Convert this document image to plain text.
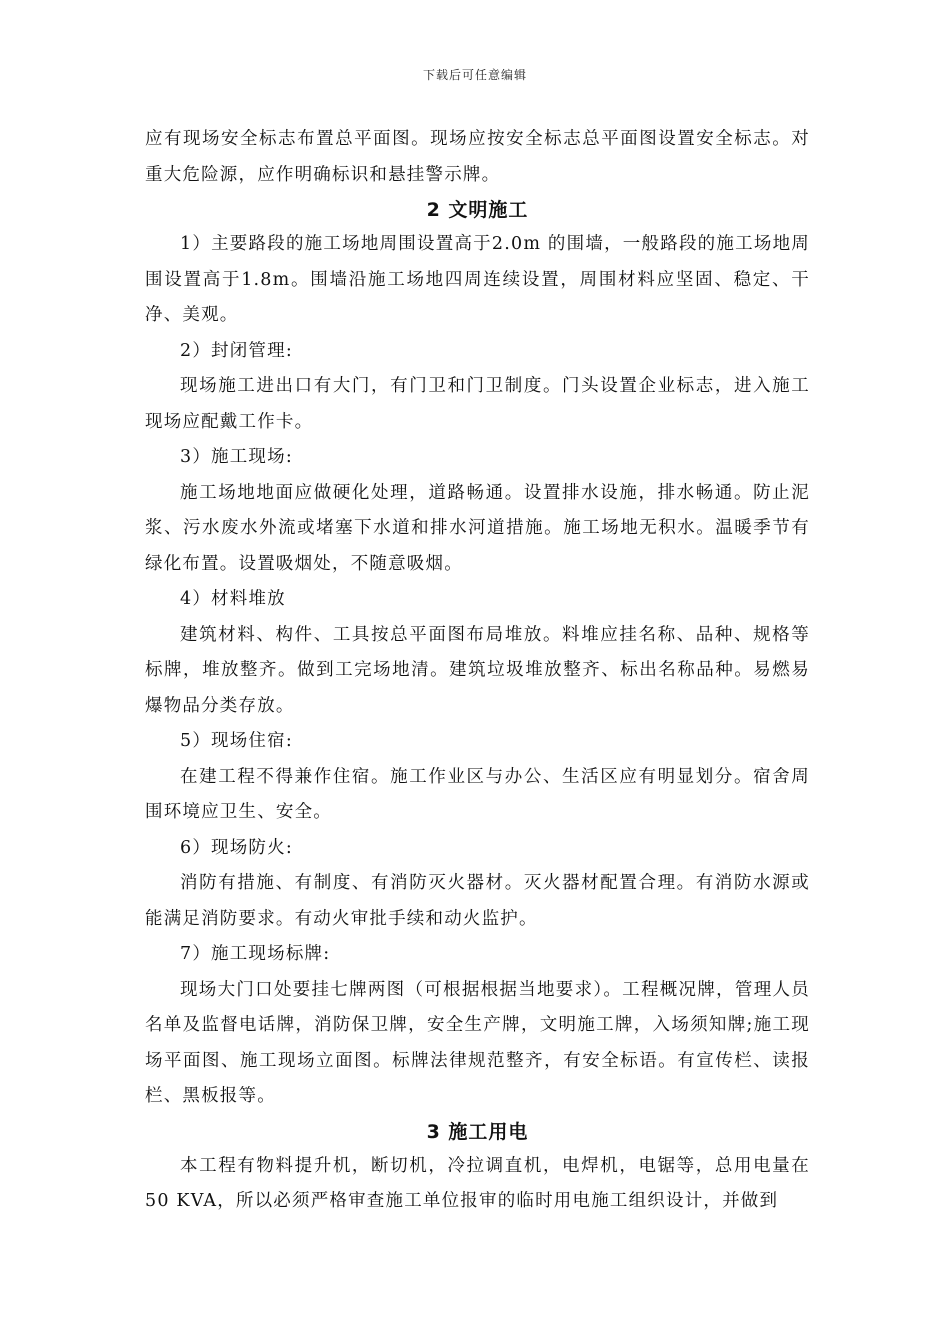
下载后可任意编辑

应有现场安全标志布置总平面图。现场应按安全标志总平面图设置安全标志。对重大危险源，应作明确标识和悬挂警示牌。

2 文明施工

1）主要路段的施工场地周围设置高于2.0m 的围墙，一般路段的施工场地周围设置高于1.8m。围墙沿施工场地四周连续设置，周围材料应坚固、稳定、干净、美观。

2）封闭管理:

现场施工进出口有大门，有门卫和门卫制度。门头设置企业标志，进入施工现场应配戴工作卡。

3）施工现场:

施工场地地面应做硬化处理，道路畅通。设置排水设施，排水畅通。防止泥浆、污水废水外流或堵塞下水道和排水河道措施。施工场地无积水。温暖季节有绿化布置。设置吸烟处，不随意吸烟。

4）材料堆放

建筑材料、构件、工具按总平面图布局堆放。料堆应挂名称、品种、规格等标牌，堆放整齐。做到工完场地清。建筑垃圾堆放整齐、标出名称品种。易燃易爆物品分类存放。

5）现场住宿:

在建工程不得兼作住宿。施工作业区与办公、生活区应有明显划分。宿舍周围环境应卫生、安全。

6）现场防火:

消防有措施、有制度、有消防灭火器材。灭火器材配置合理。有消防水源或能满足消防要求。有动火审批手续和动火监护。

7）施工现场标牌:

现场大门口处要挂七牌两图（可根据根据当地要求）。工程概况牌，管理人员名单及监督电话牌，消防保卫牌，安全生产牌，文明施工牌，入场须知牌;施工现场平面图、施工现场立面图。标牌法律规范整齐，有安全标语。有宣传栏、读报栏、黑板报等。

3 施工用电

本工程有物料提升机，断切机，冷拉调直机，电焊机，电锯等，总用电量在 50 KVA，所以必须严格审查施工单位报审的临时用电施工组织设计，并做到
